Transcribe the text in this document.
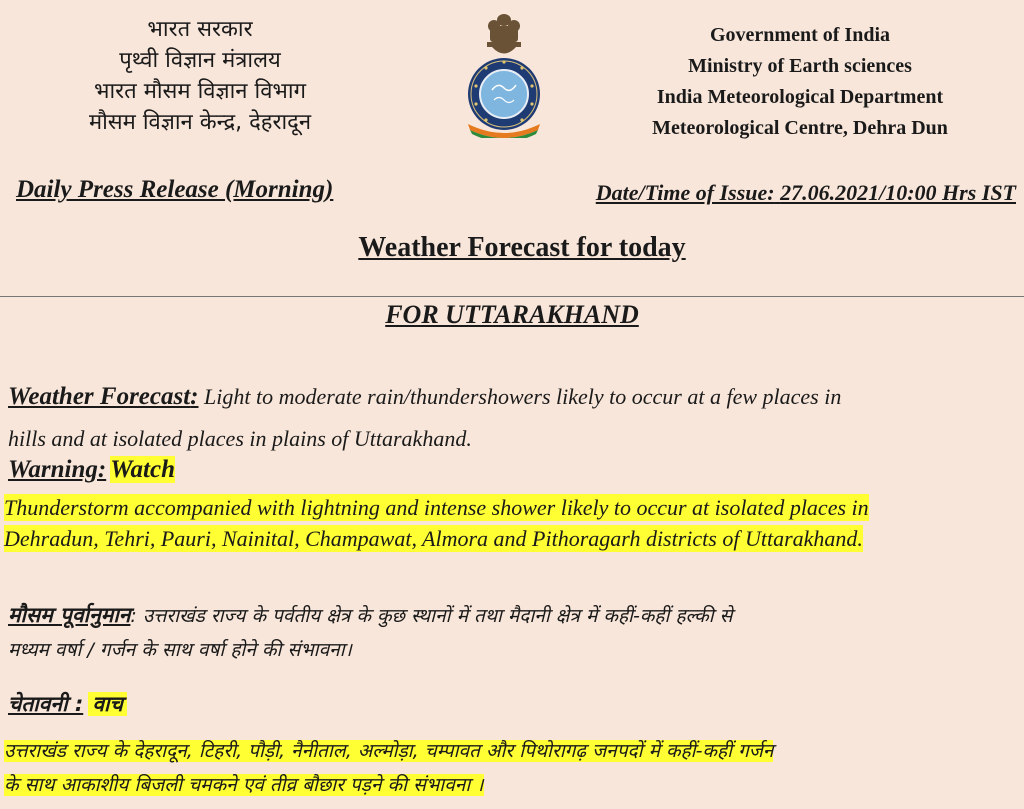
भारत सरकार
पृथ्वी विज्ञान मंत्रालय
भारत मौसम विज्ञान विभाग
मौसम विज्ञान केन्द्र, देहरादून
Government of India
Ministry of Earth sciences
India Meteorological Department
Meteorological Centre, Dehra Dun
Daily Press Release (Morning)	Date/Time of Issue: 27.06.2021/10:00 Hrs IST
Weather Forecast for today
FOR UTTARAKHAND
Weather Forecast: Light to moderate rain/thundershowers likely to occur at a few places in
hills and at isolated places in plains of Uttarakhand.
Warning: Watch
Thunderstorm accompanied with lightning and intense shower likely to occur at isolated places in
Dehradun, Tehri, Pauri, Nainital, Champawat, Almora and Pithoragarh districts of Uttarakhand.
मौसम पूर्वानुमान: उत्तराखंड राज्य के पर्वतीय क्षेत्र के कुछ स्थानों में तथा मैदानी क्षेत्र में कहीं-कहीं हल्की से
मध्यम वर्षा / गर्जन के साथ वर्षा होने की संभावना।
चेतावनी : वाच
उत्तराखंड राज्य के देहरादून, टिहरी, पौड़ी, नैनीताल, अल्मोड़ा, चम्पावत और पिथोरागढ़ जनपदों में कहीं-कहीं गर्जन
के साथ आकाशीय बिजली चमकने एवं तीव्र बौछार पड़ने की संभावना ।
